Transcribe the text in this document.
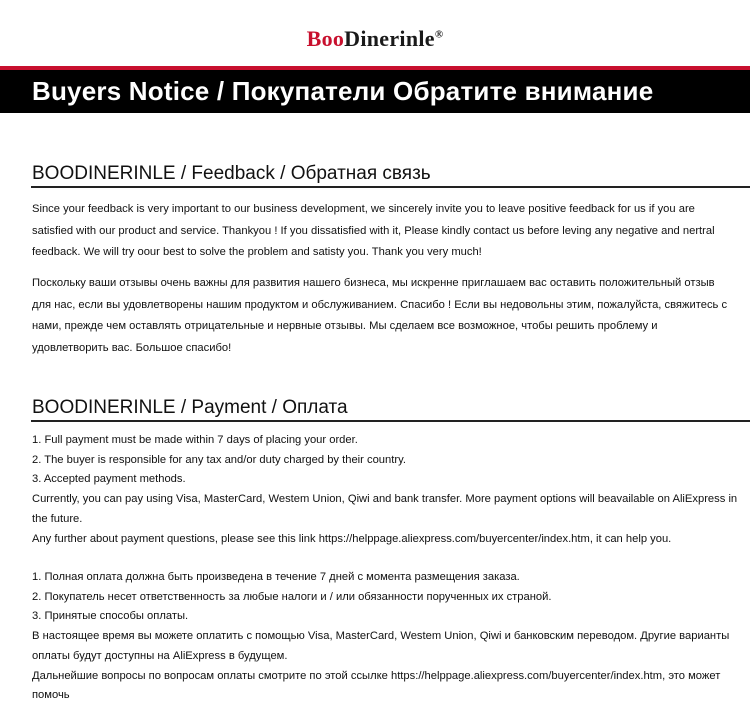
BooDinerinle®
Buyers Notice / Покупатели Обратите внимание
BOODINERINLE / Feedback / Обратная связь

Since your feedback is very important to our business development, we sincerely invite you to leave positive feedback for us if you are satisfied with our product and service. Thankyou ! If you dissatisfied with it, Please kindly contact us before leving any negative and nertral feedback. We will try oour best to solve the problem and satisty you. Thank you very much!

Поскольку ваши отзывы очень важны для развития нашего бизнеса, мы искренне приглашаем вас оставить положительный отзыв для нас, если вы удовлетворены нашим продуктом и обслуживанием. Спасибо ! Если вы недовольны этим, пожалуйста, свяжитесь с нами, прежде чем оставлять отрицательные и нервные отзывы. Мы сделаем все возможное, чтобы решить проблему и удовлетворить вас. Большое спасибо!

BOODINERINLE / Payment / Оплата
1. Full payment must be made within 7 days of placing your order.
2. The buyer is responsible for any tax and/or duty charged by their country.
3. Accepted payment methods.
Currently, you can pay using Visa, MasterCard, Westem Union, Qiwi and bank transfer. More payment options will beavailable on AliExpress in the future.
Any further about payment questions, please see this link https://helppage.aliexpress.com/buyercenter/index.htm, it can help you.
1. Полная оплата должна быть произведена в течение 7 дней с момента размещения заказа.
2. Покупатель несет ответственность за любые налоги и / или обязанности порученных их страной.
3. Принятые способы оплаты.
В настоящее время вы можете оплатить с помощью Visa, MasterCard, Westem Union, Qiwi и банковским переводом. Другие варианты оплаты будут доступны на AliExpress в будущем.
Дальнейшие вопросы по вопросам оплаты смотрите по этой ссылке https://helppage.aliexpress.com/buyercenter/index.htm, это может помочь
